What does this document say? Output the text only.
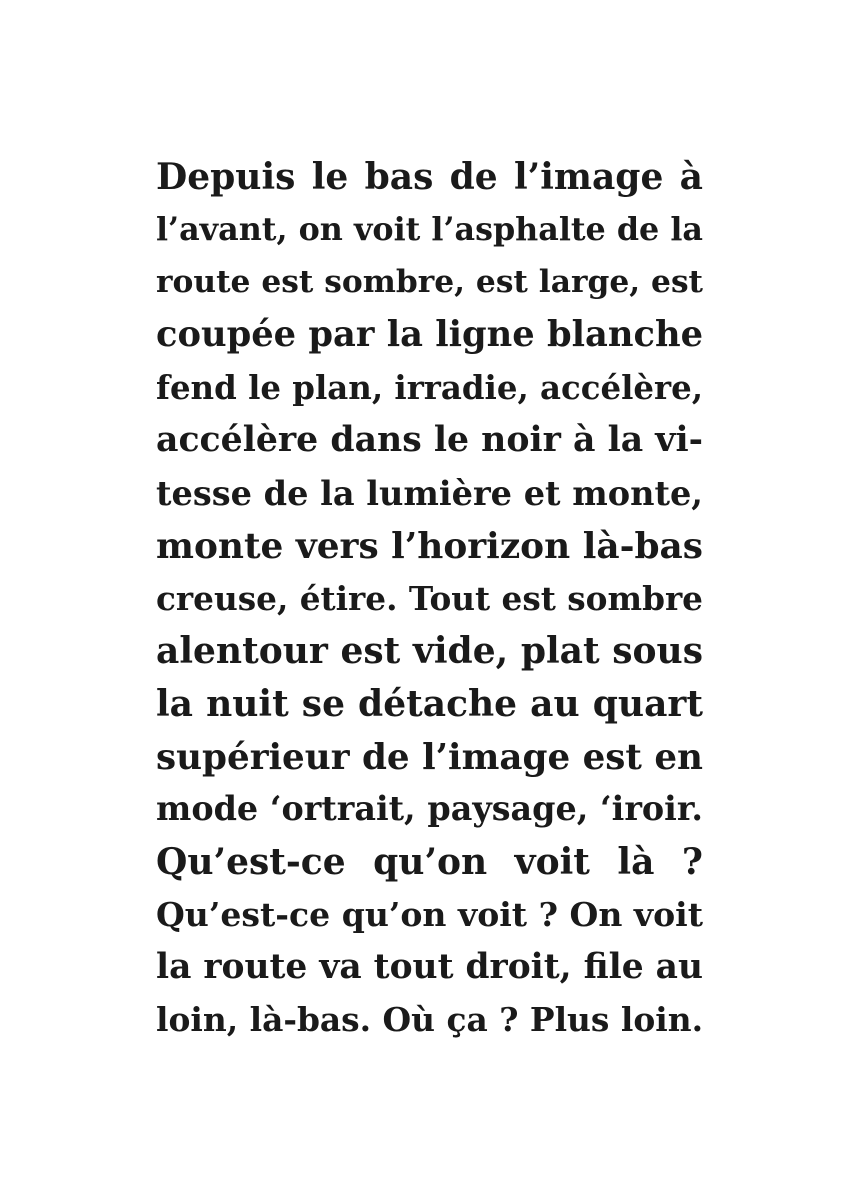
Depuis le bas de l’image à
l’avant, on voit l’asphalte de la
route est sombre, est large, est
coupée par la ligne blanche
fend le plan, irradie, accélère,
accélère dans le noir à la vi-
tesse de la lumière et monte,
monte vers l’horizon là-bas
creuse, étire. Tout est sombre
alentour est vide, plat sous
la nuit se détache au quart
supérieur de l’image est en
mode ‘ortrait, paysage, ‘iroir.
Qu’est-ce qu’on voit là ?
Qu’est-ce qu’on voit ? On voit
la route va tout droit, file au
loin, là-bas. Où ça ? Plus loin.
